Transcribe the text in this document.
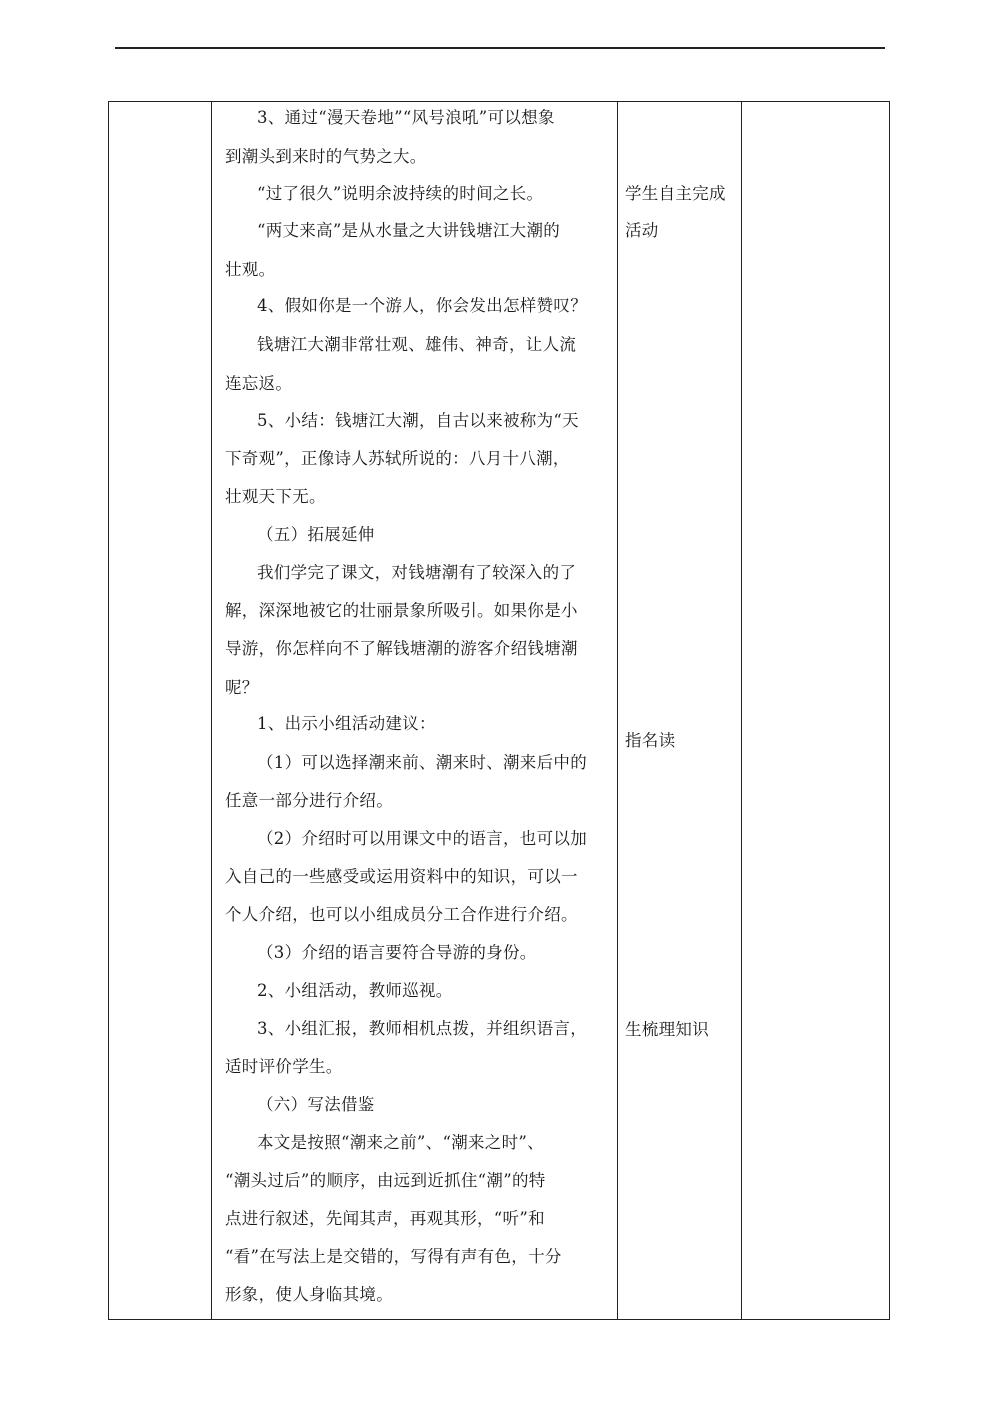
3、通过“漫天卷地”“风号浪吼”可以想象
到潮头到来时的气势之大。
“过了很久”说明余波持续的时间之长。
“两丈来高”是从水量之大讲钱塘江大潮的
壮观。
4、假如你是一个游人，你会发出怎样赞叹？
钱塘江大潮非常壮观、雄伟、神奇，让人流
连忘返。
5、小结：钱塘江大潮，自古以来被称为“天
下奇观”，正像诗人苏轼所说的：八月十八潮，
壮观天下无。
（五）拓展延伸
我们学完了课文，对钱塘潮有了较深入的了
解，深深地被它的壮丽景象所吸引。如果你是小
导游，你怎样向不了解钱塘潮的游客介绍钱塘潮
呢？
1、出示小组活动建议：
（1）可以选择潮来前、潮来时、潮来后中的
任意一部分进行介绍。
（2）介绍时可以用课文中的语言，也可以加
入自己的一些感受或运用资料中的知识，可以一
个人介绍，也可以小组成员分工合作进行介绍。
（3）介绍的语言要符合导游的身份。
2、小组活动，教师巡视。
3、小组汇报，教师相机点拨，并组织语言，
适时评价学生。
（六）写法借鉴
本文是按照“潮来之前”、“潮来之时”、
“潮头过后”的顺序，由远到近抓住“潮”的特
点进行叙述，先闻其声，再观其形，“听”和
“看”在写法上是交错的，写得有声有色，十分
形象，使人身临其境。
学生自主完成
活动
指名读
生梳理知识
